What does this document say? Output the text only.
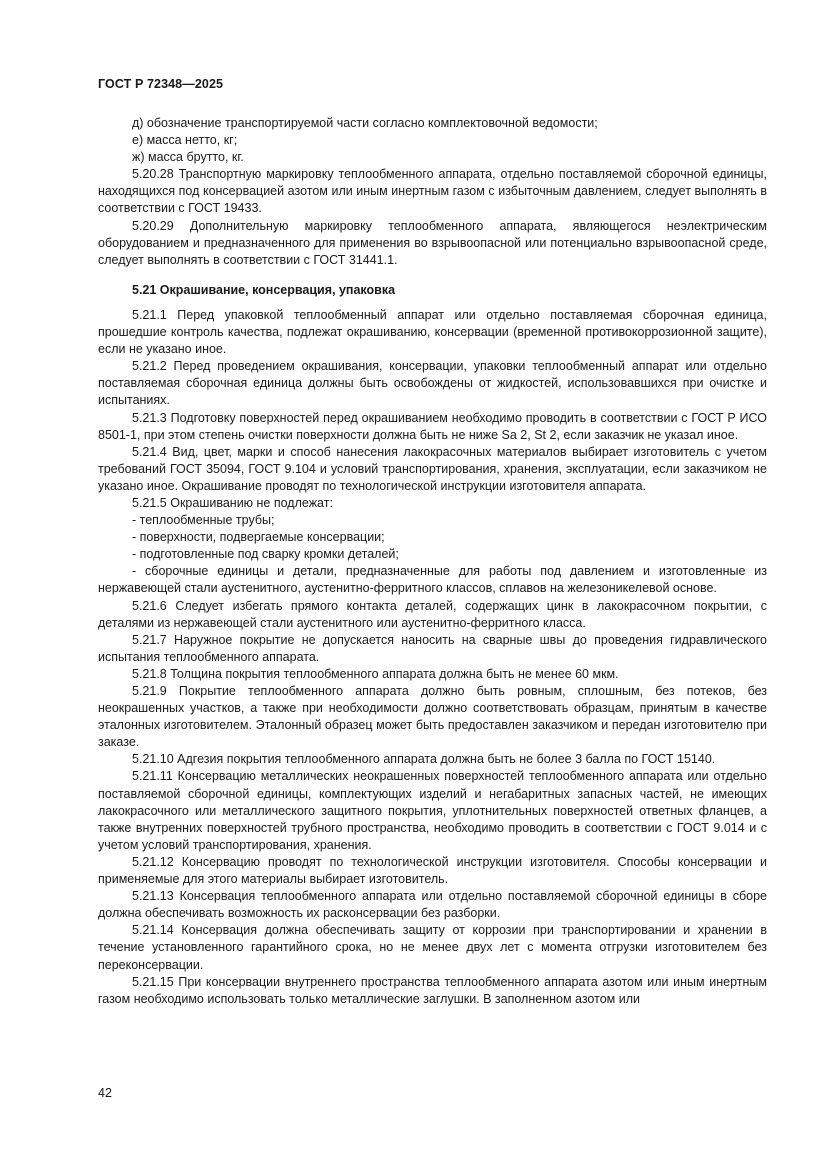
ГОСТ Р 72348—2025

д) обозначение транспортируемой части согласно комплектовочной ведомости;

е) масса нетто, кг;

ж) масса брутто, кг.

5.20.28 Транспортную маркировку теплообменного аппарата, отдельно поставляемой сборочной единицы, находящихся под консервацией азотом или иным инертным газом с избыточным давлением, следует выполнять в соответствии с ГОСТ 19433.

5.20.29 Дополнительную маркировку теплообменного аппарата, являющегося неэлектрическим оборудованием и предназначенного для применения во взрывоопасной или потенциально взрывоопасной среде, следует выполнять в соответствии с ГОСТ 31441.1.

5.21 Окрашивание, консервация, упаковка

5.21.1 Перед упаковкой теплообменный аппарат или отдельно поставляемая сборочная единица, прошедшие контроль качества, подлежат окрашиванию, консервации (временной противокоррозионной защите), если не указано иное.

5.21.2 Перед проведением окрашивания, консервации, упаковки теплообменный аппарат или отдельно поставляемая сборочная единица должны быть освобождены от жидкостей, использовавшихся при очистке и испытаниях.

5.21.3 Подготовку поверхностей перед окрашиванием необходимо проводить в соответствии с ГОСТ Р ИСО 8501-1, при этом степень очистки поверхности должна быть не ниже Sa 2, St 2, если заказчик не указал иное.

5.21.4 Вид, цвет, марки и способ нанесения лакокрасочных материалов выбирает изготовитель с учетом требований ГОСТ 35094, ГОСТ 9.104 и условий транспортирования, хранения, эксплуатации, если заказчиком не указано иное. Окрашивание проводят по технологической инструкции изготовителя аппарата.

5.21.5 Окрашиванию не подлежат:

- теплообменные трубы;

- поверхности, подвергаемые консервации;

- подготовленные под сварку кромки деталей;

- сборочные единицы и детали, предназначенные для работы под давлением и изготовленные из нержавеющей стали аустенитного, аустенитно-ферритного классов, сплавов на железоникелевой основе.

5.21.6 Следует избегать прямого контакта деталей, содержащих цинк в лакокрасочном покрытии, с деталями из нержавеющей стали аустенитного или аустенитно-ферритного класса.

5.21.7 Наружное покрытие не допускается наносить на сварные швы до проведения гидравлического испытания теплообменного аппарата.

5.21.8 Толщина покрытия теплообменного аппарата должна быть не менее 60 мкм.

5.21.9 Покрытие теплообменного аппарата должно быть ровным, сплошным, без потеков, без неокрашенных участков, а также при необходимости должно соответствовать образцам, принятым в качестве эталонных изготовителем. Эталонный образец может быть предоставлен заказчиком и передан изготовителю при заказе.

5.21.10 Адгезия покрытия теплообменного аппарата должна быть не более 3 балла по ГОСТ 15140.

5.21.11 Консервацию металлических неокрашенных поверхностей теплообменного аппарата или отдельно поставляемой сборочной единицы, комплектующих изделий и негабаритных запасных частей, не имеющих лакокрасочного или металлического защитного покрытия, уплотнительных поверхностей ответных фланцев, а также внутренних поверхностей трубного пространства, необходимо проводить в соответствии с ГОСТ 9.014 и с учетом условий транспортирования, хранения.

5.21.12 Консервацию проводят по технологической инструкции изготовителя. Способы консервации и применяемые для этого материалы выбирает изготовитель.

5.21.13 Консервация теплообменного аппарата или отдельно поставляемой сборочной единицы в сборе должна обеспечивать возможность их расконсервации без разборки.

5.21.14 Консервация должна обеспечивать защиту от коррозии при транспортировании и хранении в течение установленного гарантийного срока, но не менее двух лет с момента отгрузки изготовителем без переконсервации.

5.21.15 При консервации внутреннего пространства теплообменного аппарата азотом или иным инертным газом необходимо использовать только металлические заглушки. В заполненном азотом или

42
